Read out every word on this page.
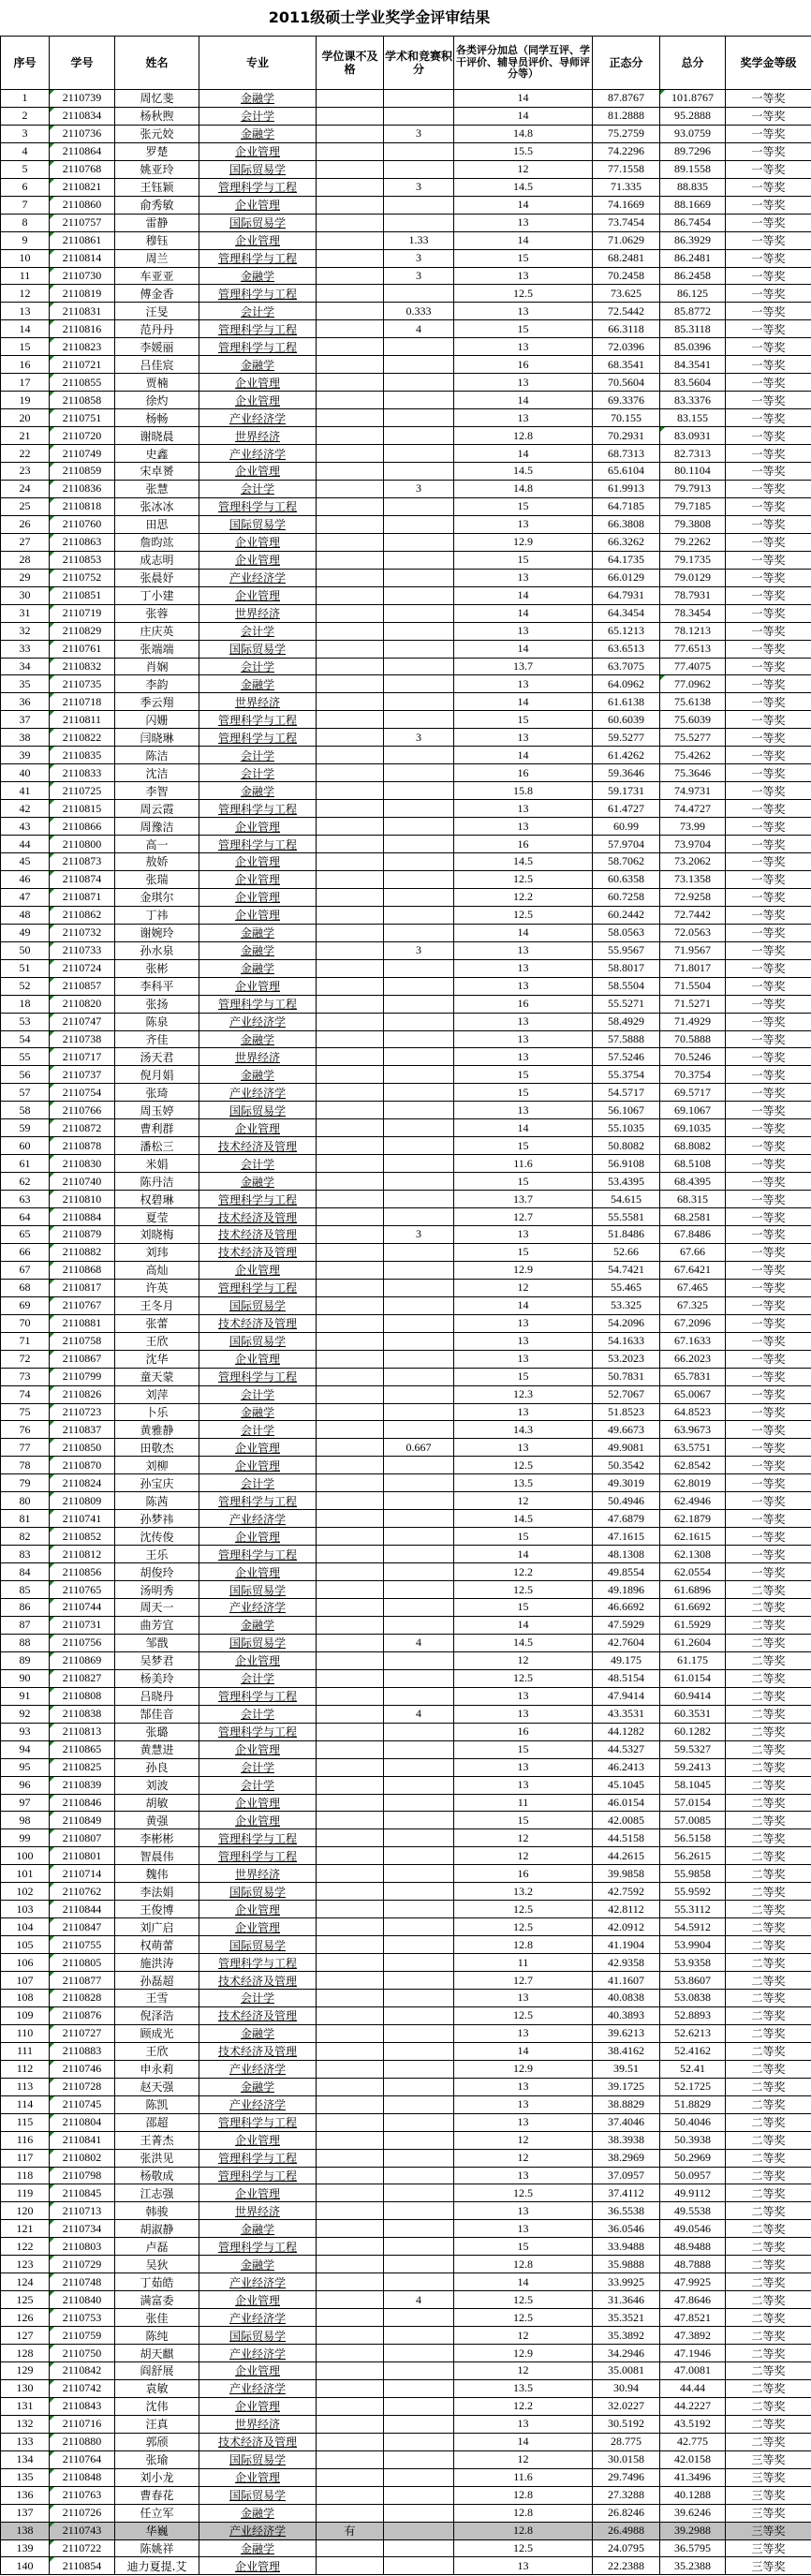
2011级硕士学业奖学金评审结果
序号	学号	姓名	专业	学位课不及格	学术和竞赛积分	各类评分加总（同学互评、学干评价、辅导员评价、导师评分等）	正态分	总分	奖学金等级
1	2110739	周忆斐	金融学			14	87.8767	101.8767	一等奖
2	2110834	杨秋煦	会计学			14	81.2888	95.2888	一等奖
3	2110736	张元姣	金融学		3	14.8	75.2759	93.0759	一等奖
4	2110864	罗楚	企业管理			15.5	74.2296	89.7296	一等奖
5	2110768	姚亚玲	国际贸易学			12	77.1558	89.1558	一等奖
6	2110821	王钰颖	管理科学与工程		3	14.5	71.335	88.835	一等奖
7	2110860	俞秀敏	企业管理			14	74.1669	88.1669	一等奖
8	2110757	雷静	国际贸易学			13	73.7454	86.7454	一等奖
9	2110861	穆钰	企业管理		1.33	14	71.0629	86.3929	一等奖
10	2110814	周兰	管理科学与工程		3	15	68.2481	86.2481	一等奖
11	2110730	车亚亚	金融学		3	13	70.2458	86.2458	一等奖
12	2110819	傅金香	管理科学与工程			12.5	73.625	86.125	一等奖
13	2110831	汪旻	会计学		0.333	13	72.5442	85.8772	一等奖
14	2110816	范丹丹	管理科学与工程		4	15	66.3118	85.3118	一等奖
15	2110823	李媛丽	管理科学与工程			13	72.0396	85.0396	一等奖
16	2110721	吕佳宸	金融学			16	68.3541	84.3541	一等奖
17	2110855	贾楠	企业管理			13	70.5604	83.5604	一等奖
19	2110858	徐灼	企业管理			14	69.3376	83.3376	一等奖
20	2110751	杨畅	产业经济学			13	70.155	83.155	一等奖
21	2110720	谢晓晨	世界经济			12.8	70.2931	83.0931	一等奖
22	2110749	史鑫	产业经济学			14	68.7313	82.7313	一等奖
23	2110859	宋卓赟	企业管理			14.5	65.6104	80.1104	一等奖
24	2110836	张慧	会计学		3	14.8	61.9913	79.7913	一等奖
25	2110818	张冰冰	管理科学与工程			15	64.7185	79.7185	一等奖
26	2110760	田思	国际贸易学			13	66.3808	79.3808	一等奖
27	2110863	詹昀竑	企业管理			12.9	66.3262	79.2262	一等奖
28	2110853	成志明	企业管理			15	64.1735	79.1735	一等奖
29	2110752	张晨妤	产业经济学			13	66.0129	79.0129	一等奖
30	2110851	丁小建	企业管理			14	64.7931	78.7931	一等奖
31	2110719	张蓉	世界经济			14	64.3454	78.3454	一等奖
32	2110829	庄庆英	会计学			13	65.1213	78.1213	一等奖
33	2110761	张端端	国际贸易学			14	63.6513	77.6513	一等奖
34	2110832	肖娴	会计学			13.7	63.7075	77.4075	一等奖
35	2110735	李韵	金融学			13	64.0962	77.0962	一等奖
36	2110718	季云翔	世界经济			14	61.6138	75.6138	一等奖
37	2110811	闪姗	管理科学与工程			15	60.6039	75.6039	一等奖
38	2110822	闫晓琳	管理科学与工程		3	13	59.5277	75.5277	一等奖
39	2110835	陈洁	会计学			14	61.4262	75.4262	一等奖
40	2110833	沈洁	会计学			16	59.3646	75.3646	一等奖
41	2110725	李智	金融学			15.8	59.1731	74.9731	一等奖
42	2110815	周云霞	管理科学与工程			13	61.4727	74.4727	一等奖
43	2110866	周豫洁	企业管理			13	60.99	73.99	一等奖
44	2110800	高一	管理科学与工程			16	57.9704	73.9704	一等奖
45	2110873	敖娇	企业管理			14.5	58.7062	73.2062	一等奖
46	2110874	张瑞	企业管理			12.5	60.6358	73.1358	一等奖
47	2110871	金琪尔	企业管理			12.2	60.7258	72.9258	一等奖
48	2110862	丁祎	企业管理			12.5	60.2442	72.7442	一等奖
49	2110732	谢婉玲	金融学			14	58.0563	72.0563	一等奖
50	2110733	孙水泉	金融学		3	13	55.9567	71.9567	一等奖
51	2110724	张彬	金融学			13	58.8017	71.8017	一等奖
52	2110857	李科平	企业管理			13	58.5504	71.5504	一等奖
18	2110820	张扬	管理科学与工程			16	55.5271	71.5271	一等奖
53	2110747	陈泉	产业经济学			13	58.4929	71.4929	一等奖
54	2110738	齐佳	金融学			13	57.5888	70.5888	一等奖
55	2110717	汤天君	世界经济			13	57.5246	70.5246	一等奖
56	2110737	倪月娟	金融学			15	55.3754	70.3754	一等奖
57	2110754	张琦	产业经济学			15	54.5717	69.5717	一等奖
58	2110766	周玉婷	国际贸易学			13	56.1067	69.1067	一等奖
59	2110872	曹利群	企业管理			14	55.1035	69.1035	一等奖
60	2110878	潘松三	技术经济及管理			15	50.8082	68.8082	一等奖
61	2110830	米娟	会计学			11.6	56.9108	68.5108	一等奖
62	2110740	陈丹洁	金融学			15	53.4395	68.4395	一等奖
63	2110810	权碧琳	管理科学与工程			13.7	54.615	68.315	一等奖
64	2110884	夏莹	技术经济及管理			12.7	55.5581	68.2581	一等奖
65	2110879	刘晓梅	技术经济及管理		3	13	51.8486	67.8486	一等奖
66	2110882	刘玮	技术经济及管理			15	52.66	67.66	一等奖
67	2110868	高灿	企业管理			12.9	54.7421	67.6421	一等奖
68	2110817	许英	管理科学与工程			12	55.465	67.465	一等奖
69	2110767	王冬月	国际贸易学			14	53.325	67.325	一等奖
70	2110881	张蕾	技术经济及管理			13	54.2096	67.2096	一等奖
71	2110758	王欣	国际贸易学			13	54.1633	67.1633	一等奖
72	2110867	沈华	企业管理			13	53.2023	66.2023	一等奖
73	2110799	童天蒙	管理科学与工程			15	50.7831	65.7831	一等奖
74	2110826	刘萍	会计学			12.3	52.7067	65.0067	一等奖
75	2110723	卜乐	金融学			13	51.8523	64.8523	一等奖
76	2110837	黄雅静	会计学			14.3	49.6673	63.9673	一等奖
77	2110850	田敬杰	企业管理		0.667	13	49.9081	63.5751	一等奖
78	2110870	刘柳	企业管理			12.5	50.3542	62.8542	一等奖
79	2110824	孙宝庆	会计学			13.5	49.3019	62.8019	一等奖
80	2110809	陈茜	管理科学与工程			12	50.4946	62.4946	一等奖
81	2110741	孙梦祎	产业经济学			14.5	47.6879	62.1879	一等奖
82	2110852	沈传俊	企业管理			15	47.1615	62.1615	一等奖
83	2110812	王乐	管理科学与工程			14	48.1308	62.1308	一等奖
84	2110856	胡俊玲	企业管理			12.2	49.8554	62.0554	一等奖
85	2110765	汤明秀	国际贸易学			12.5	49.1896	61.6896	二等奖
86	2110744	周天一	产业经济学			15	46.6692	61.6692	二等奖
87	2110731	曲芳宜	金融学			14	47.5929	61.5929	二等奖
88	2110756	邹戬	国际贸易学		4	14.5	42.7604	61.2604	二等奖
89	2110869	吴梦君	企业管理			12	49.175	61.175	二等奖
90	2110827	杨美玲	会计学			12.5	48.5154	61.0154	二等奖
91	2110808	吕晓丹	管理科学与工程			13	47.9414	60.9414	二等奖
92	2110838	郜佳音	会计学		4	13	43.3531	60.3531	二等奖
93	2110813	张璐	管理科学与工程			16	44.1282	60.1282	二等奖
94	2110865	黄慧进	企业管理			15	44.5327	59.5327	二等奖
95	2110825	孙良	会计学			13	46.2413	59.2413	二等奖
96	2110839	刘波	会计学			13	45.1045	58.1045	二等奖
97	2110846	胡敏	企业管理			11	46.0154	57.0154	二等奖
98	2110849	黄强	企业管理			15	42.0085	57.0085	二等奖
99	2110807	李彬彬	管理科学与工程			12	44.5158	56.5158	二等奖
100	2110801	智晨伟	管理科学与工程			12	44.2615	56.2615	二等奖
101	2110714	魏伟	世界经济			16	39.9858	55.9858	二等奖
102	2110762	李法娟	国际贸易学			13.2	42.7592	55.9592	二等奖
103	2110844	王俊博	企业管理			12.5	42.8112	55.3112	二等奖
104	2110847	刘广启	企业管理			12.5	42.0912	54.5912	二等奖
105	2110755	权萌蕾	国际贸易学			12.8	41.1904	53.9904	二等奖
106	2110805	施洪涛	管理科学与工程			11	42.9358	53.9358	二等奖
107	2110877	孙磊超	技术经济及管理			12.7	41.1607	53.8607	二等奖
108	2110828	王雪	会计学			13	40.0838	53.0838	二等奖
109	2110876	倪泽浩	技术经济及管理			12.5	40.3893	52.8893	二等奖
110	2110727	顾成光	金融学			13	39.6213	52.6213	二等奖
111	2110883	王欣	技术经济及管理			14	38.4162	52.4162	二等奖
112	2110746	申永莉	产业经济学			12.9	39.51	52.41	二等奖
113	2110728	赵天强	金融学			13	39.1725	52.1725	二等奖
114	2110745	陈凯	产业经济学			13	38.8829	51.8829	二等奖
115	2110804	邵超	管理科学与工程			13	37.4046	50.4046	二等奖
116	2110841	王菁杰	企业管理			12	38.3938	50.3938	二等奖
117	2110802	张洪见	管理科学与工程			12	38.2969	50.2969	二等奖
118	2110798	杨敬成	管理科学与工程			13	37.0957	50.0957	二等奖
119	2110845	江志强	企业管理			12.5	37.4112	49.9112	二等奖
120	2110713	韩骏	世界经济			13	36.5538	49.5538	二等奖
121	2110734	胡淑静	金融学			13	36.0546	49.0546	二等奖
122	2110803	卢磊	管理科学与工程			15	33.9488	48.9488	二等奖
123	2110729	吴狄	金融学			12.8	35.9888	48.7888	二等奖
124	2110748	丁茹皓	产业经济学			14	33.9925	47.9925	二等奖
125	2110840	满富委	企业管理		4	12.5	31.3646	47.8646	二等奖
126	2110753	张佳	产业经济学			12.5	35.3521	47.8521	二等奖
127	2110759	陈纯	国际贸易学			12	35.3892	47.3892	二等奖
128	2110750	胡天麒	产业经济学			12.9	34.2946	47.1946	二等奖
129	2110842	阎舒展	企业管理			12	35.0081	47.0081	二等奖
130	2110742	袁敏	产业经济学			13.5	30.94	44.44	二等奖
131	2110843	沈伟	企业管理			12.2	32.0227	44.2227	二等奖
132	2110716	汪真	世界经济			13	30.5192	43.5192	二等奖
133	2110880	郭颀	技术经济及管理			14	28.775	42.775	二等奖
134	2110764	张瑜	国际贸易学			12	30.0158	42.0158	三等奖
135	2110848	刘小龙	企业管理			11.6	29.7496	41.3496	三等奖
136	2110763	曹春花	国际贸易学			12.8	27.3288	40.1288	三等奖
137	2110726	任立军	金融学			12.8	26.8246	39.6246	三等奖
138	2110743	华巍	产业经济学	有		12.8	26.4988	39.2988	三等奖
139	2110722	陈姚祥	金融学			12.5	24.0795	36.5795	三等奖
140	2110854	迪力夏提.艾	企业管理			13	22.2388	35.2388	三等奖
